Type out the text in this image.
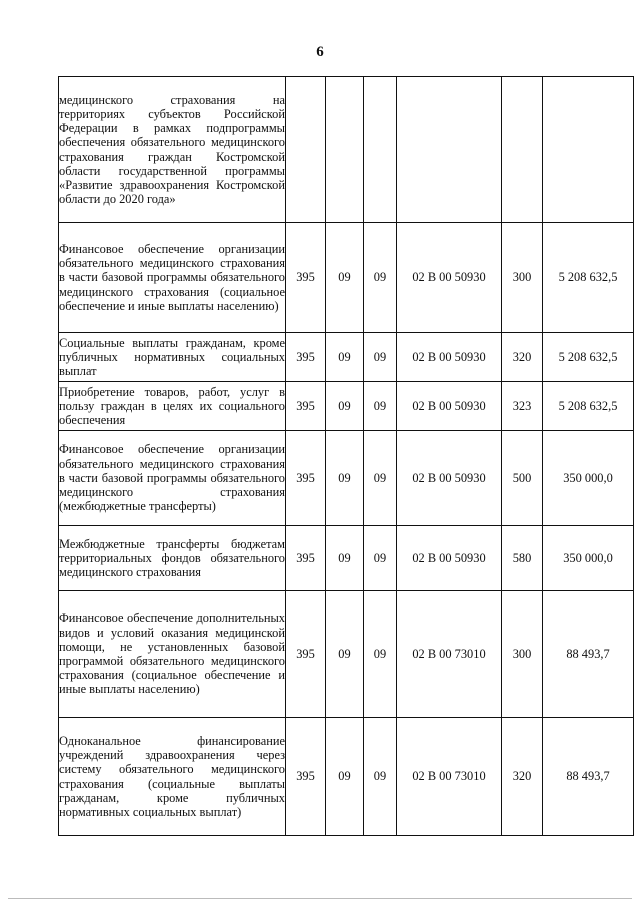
6
медицинского страхования на территориях субъектов Российской Федерации в рамках подпрограммы обеспечения обязательного медицинского страхования граждан Костромской области государственной программы «Развитие здравоохранения Костромской области до 2020 года»						
Финансовое обеспечение организации обязательного медицинского страхования в части базовой программы обязательного медицинского страхования (социальное обеспечение и иные выплаты населению)	395	09	09	02 В 00 50930	300	5 208 632,5
Социальные выплаты гражданам, кроме публичных нормативных социальных выплат	395	09	09	02 В 00 50930	320	5 208 632,5
Приобретение товаров, работ, услуг в пользу граждан в целях их социального обеспечения	395	09	09	02 В 00 50930	323	5 208 632,5
Финансовое обеспечение организации обязательного медицинского страхования в части базовой программы обязательного медицинского страхования (межбюджетные трансферты)	395	09	09	02 В 00 50930	500	350 000,0
Межбюджетные трансферты бюджетам территориальных фондов обязательного медицинского страхования	395	09	09	02 В 00 50930	580	350 000,0
Финансовое обеспечение дополнительных видов и условий оказания медицинской помощи, не установленных базовой программой обязательного медицинского страхования (социальное обеспечение и иные выплаты населению)	395	09	09	02 В 00 73010	300	88 493,7
Одноканальное финансирование учреждений здравоохранения через систему обязательного медицинского страхования (социальные выплаты гражданам, кроме публичных нормативных социальных выплат)	395	09	09	02 В 00 73010	320	88 493,7
